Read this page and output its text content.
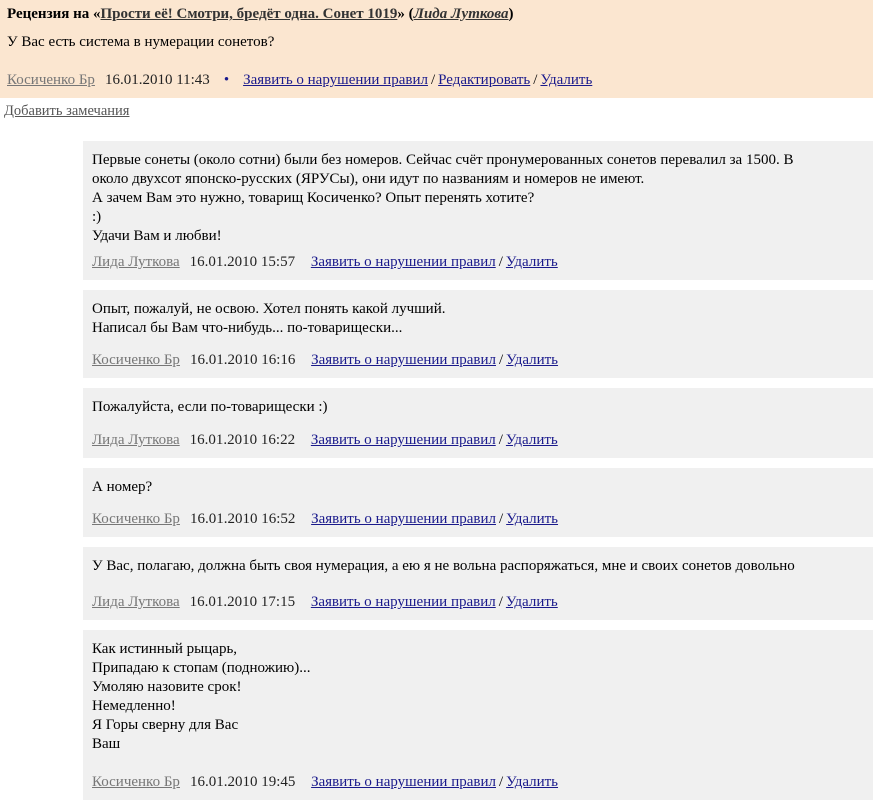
Рецензия на «Прости её! Смотри, бредёт одна. Сонет 1019» (Лида Луткова)
У Вас есть система в нумерации сонетов?
Косиченко Бр 16.01.2010 11:43 • Заявить о нарушении правил / Редактировать / Удалить
Добавить замечания
Первые сонеты (около сотни) были без номеров. Сейчас счёт пронумерованных сонетов перевалил за 1500. В
около двухсот японско-русских (ЯРУСы), они идут по названиям и номеров не имеют.
А зачем Вам это нужно, товарищ Косиченко? Опыт перенять хотите?
:)
Удачи Вам и любви!
Лида Луткова 16.01.2010 15:57 Заявить о нарушении правил / Удалить
Опыт, пожалуй, не освою. Хотел понять какой лучший.
Написал бы Вам что-нибудь... по-товарищески...
Косиченко Бр 16.01.2010 16:16 Заявить о нарушении правил / Удалить
Пожалуйста, если по-товарищески :)
Лида Луткова 16.01.2010 16:22 Заявить о нарушении правил / Удалить
А номер?
Косиченко Бр 16.01.2010 16:52 Заявить о нарушении правил / Удалить
У Вас, полагаю, должна быть своя нумерация, а ею я не вольна распоряжаться, мне и своих сонетов довольно
Лида Луткова 16.01.2010 17:15 Заявить о нарушении правил / Удалить
Как истинный рыцарь,
Припадаю к стопам (подножию)...
Умоляю назовите срок!
Немедленно!
Я Горы сверну для Вас
Ваш
Косиченко Бр 16.01.2010 19:45 Заявить о нарушении правил / Удалить
